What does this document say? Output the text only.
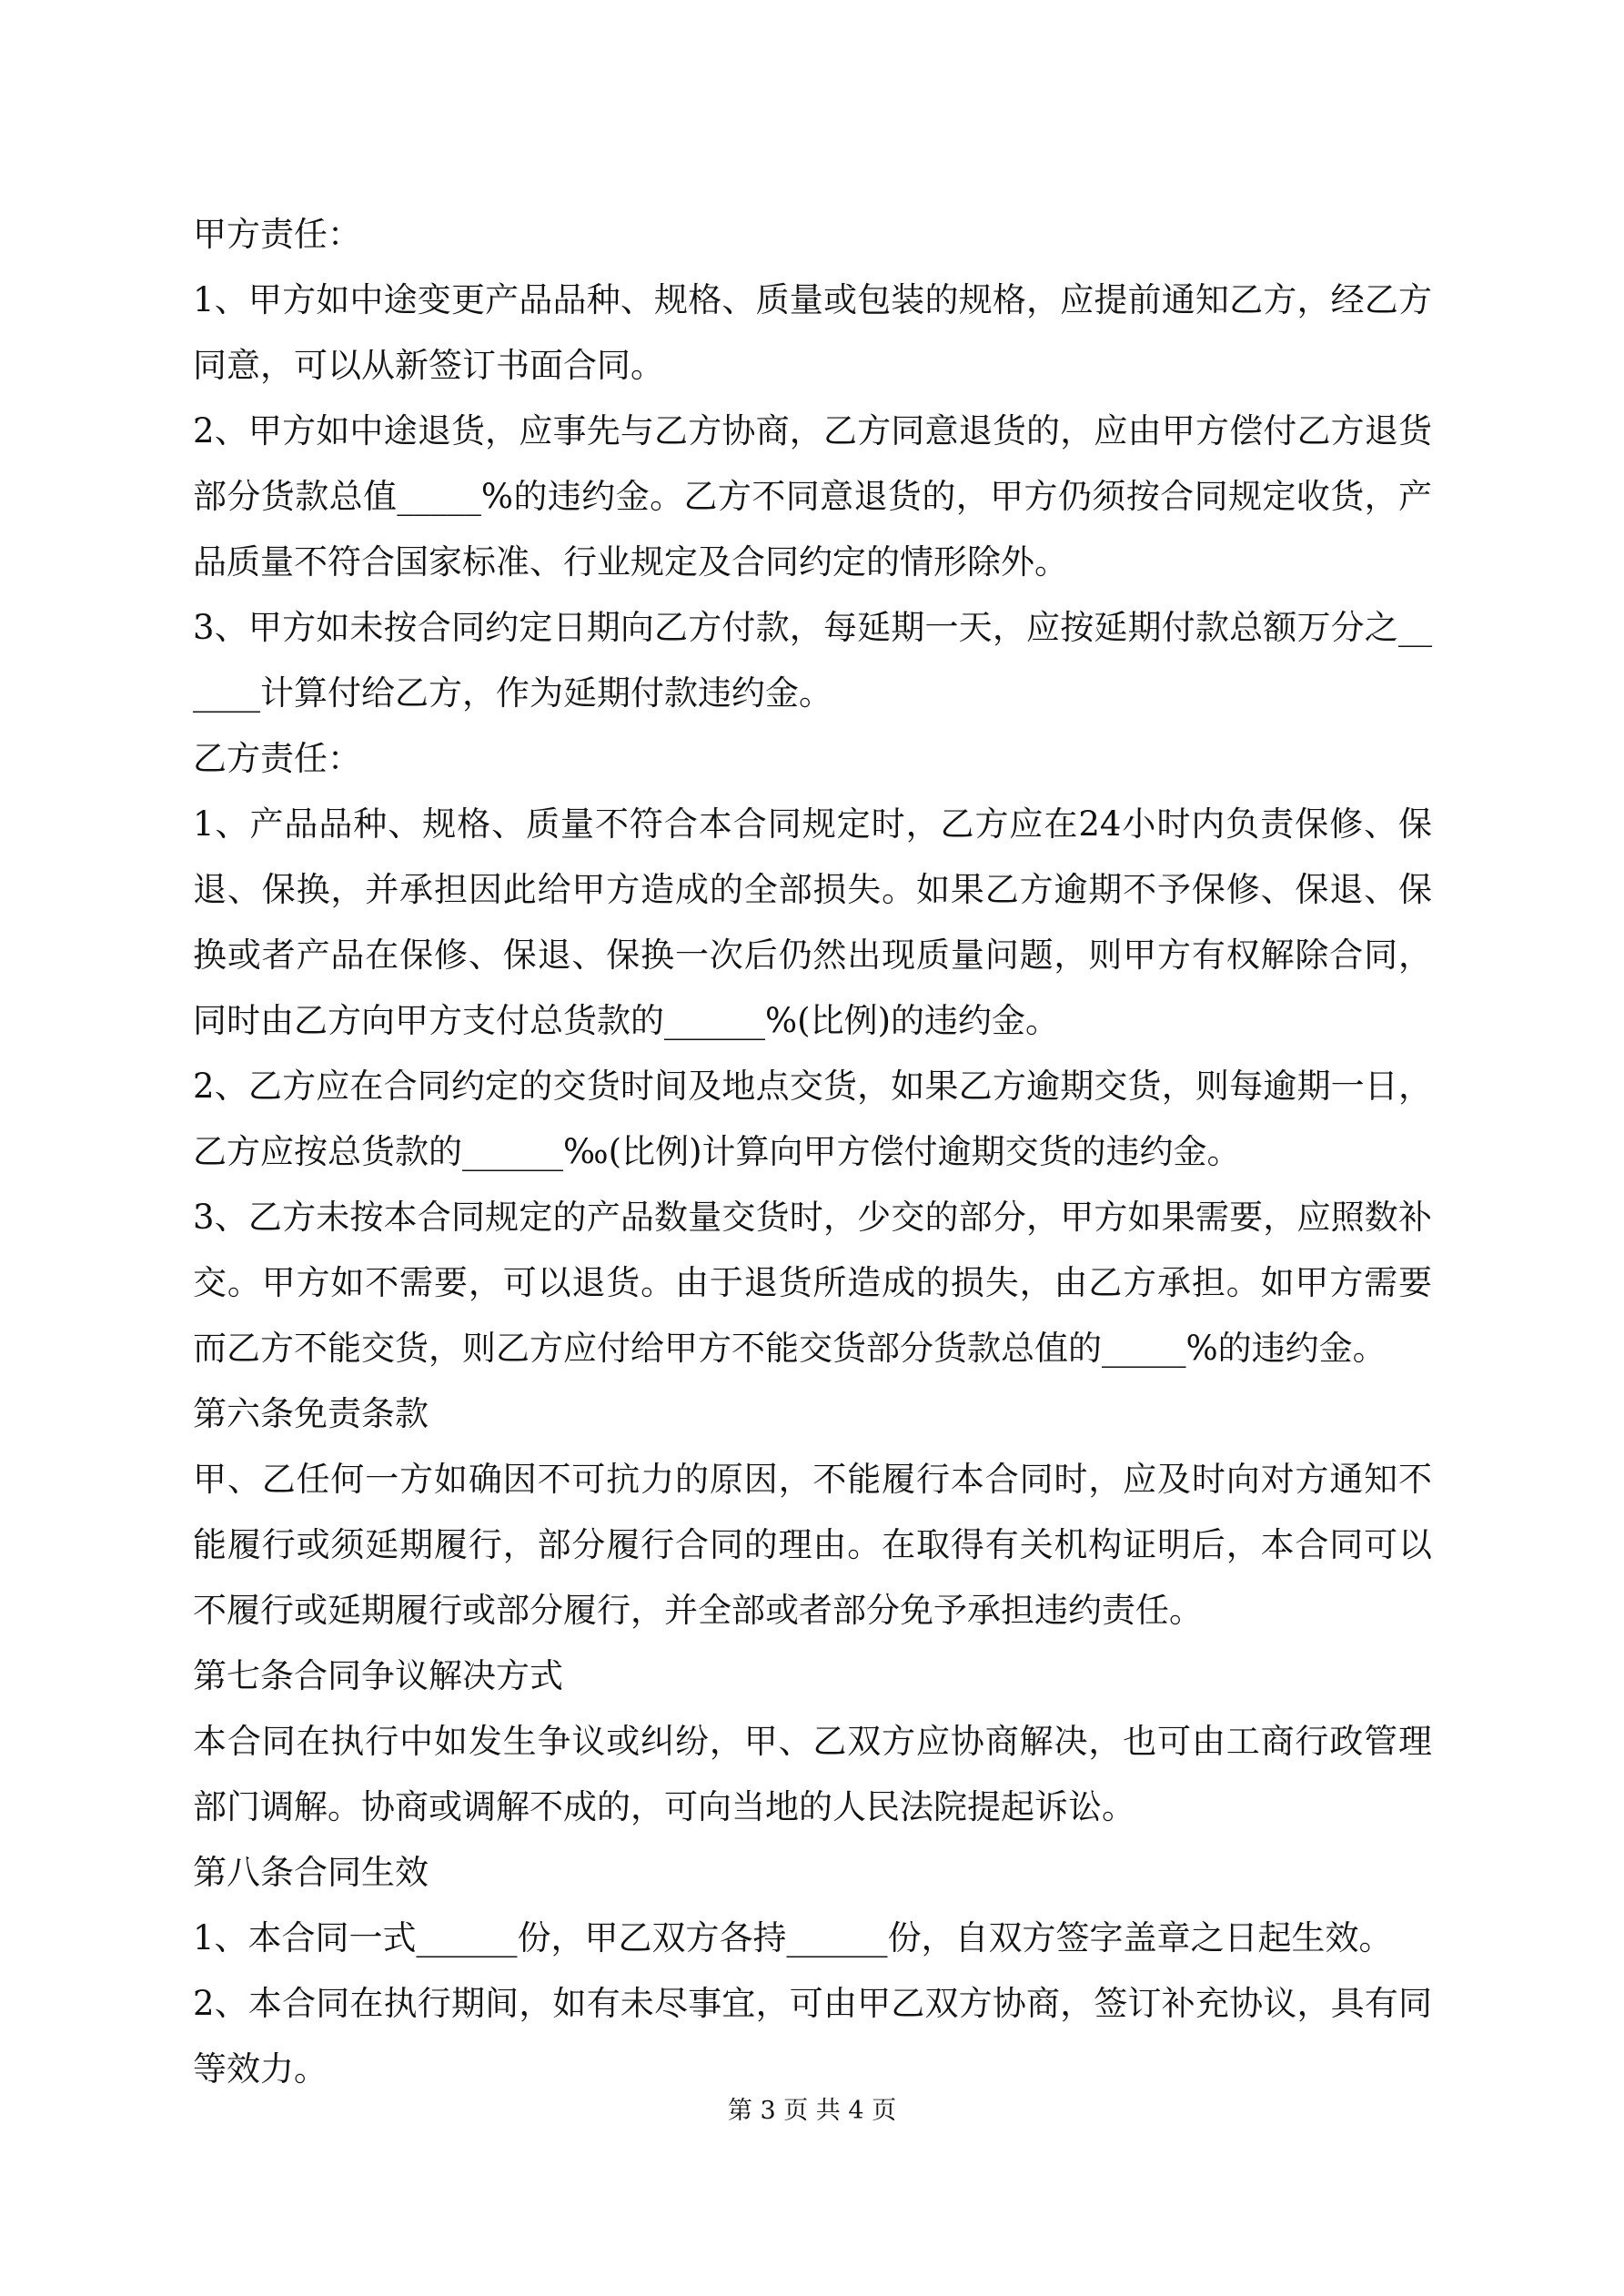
甲方责任：

1、甲方如中途变更产品品种、规格、质量或包装的规格，应提前通知乙方，经乙方同意，可以从新签订书面合同。

2、甲方如中途退货，应事先与乙方协商，乙方同意退货的，应由甲方偿付乙方退货部分货款总值_____%的违约金。乙方不同意退货的，甲方仍须按合同规定收货，产品质量不符合国家标准、行业规定及合同约定的情形除外。

3、甲方如未按合同约定日期向乙方付款，每延期一天，应按延期付款总额万分之______计算付给乙方，作为延期付款违约金。

乙方责任：

1、产品品种、规格、质量不符合本合同规定时，乙方应在24小时内负责保修、保退、保换，并承担因此给甲方造成的全部损失。如果乙方逾期不予保修、保退、保换或者产品在保修、保退、保换一次后仍然出现质量问题，则甲方有权解除合同，同时由乙方向甲方支付总货款的______%(比例)的违约金。

2、乙方应在合同约定的交货时间及地点交货，如果乙方逾期交货，则每逾期一日，乙方应按总货款的______‰(比例)计算向甲方偿付逾期交货的违约金。

3、乙方未按本合同规定的产品数量交货时，少交的部分，甲方如果需要，应照数补交。甲方如不需要，可以退货。由于退货所造成的损失，由乙方承担。如甲方需要而乙方不能交货，则乙方应付给甲方不能交货部分货款总值的_____%的违约金。

第六条免责条款

甲、乙任何一方如确因不可抗力的原因，不能履行本合同时，应及时向对方通知不能履行或须延期履行，部分履行合同的理由。在取得有关机构证明后，本合同可以不履行或延期履行或部分履行，并全部或者部分免予承担违约责任。

第七条合同争议解决方式

本合同在执行中如发生争议或纠纷，甲、乙双方应协商解决，也可由工商行政管理部门调解。协商或调解不成的，可向当地的人民法院提起诉讼。

第八条合同生效

1、本合同一式______份，甲乙双方各持______份，自双方签字盖章之日起生效。

2、本合同在执行期间，如有未尽事宜，可由甲乙双方协商，签订补充协议，具有同等效力。

第 3 页 共 4 页
